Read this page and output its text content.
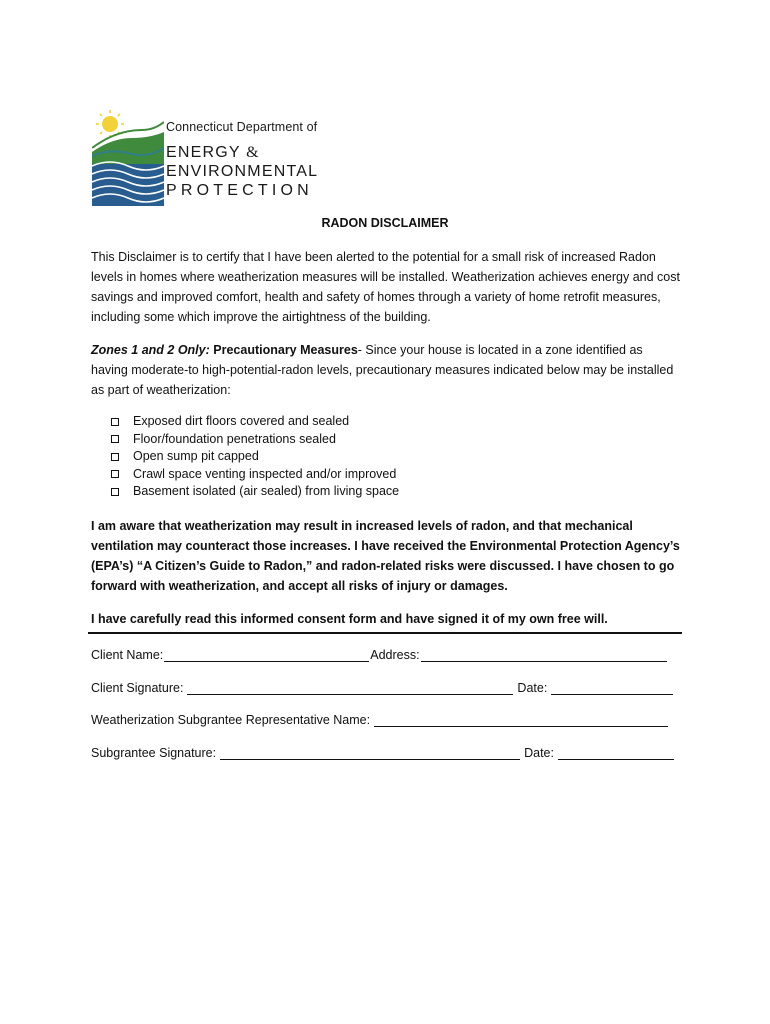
Connecticut Department of
ENERGY &
ENVIRONMENTAL
PROTECTION
RADON DISCLAIMER
This Disclaimer is to certify that I have been alerted to the potential for a small risk of increased Radon levels in homes where weatherization measures will be installed. Weatherization achieves energy and cost savings and improved comfort, health and safety of homes through a variety of home retrofit measures, including some which improve the airtightness of the building.
Zones 1 and 2 Only: Precautionary Measures- Since your house is located in a zone identified as having moderate-to high-potential-radon levels, precautionary measures indicated below may be installed as part of weatherization:
Exposed dirt floors covered and sealed
Floor/foundation penetrations sealed
Open sump pit capped
Crawl space venting inspected and/or improved
Basement isolated (air sealed) from living space
I am aware that weatherization may result in increased levels of radon, and that mechanical ventilation may counteract those increases. I have received the Environmental Protection Agency’s (EPA’s) “A Citizen’s Guide to Radon,” and radon-related risks were discussed. I have chosen to go forward with weatherization, and accept all risks of injury or damages.
I have carefully read this informed consent form and have signed it of my own free will.
Client Name:	Address:
Client Signature:	Date:
Weatherization Subgrantee Representative Name:
Subgrantee Signature:	Date:
